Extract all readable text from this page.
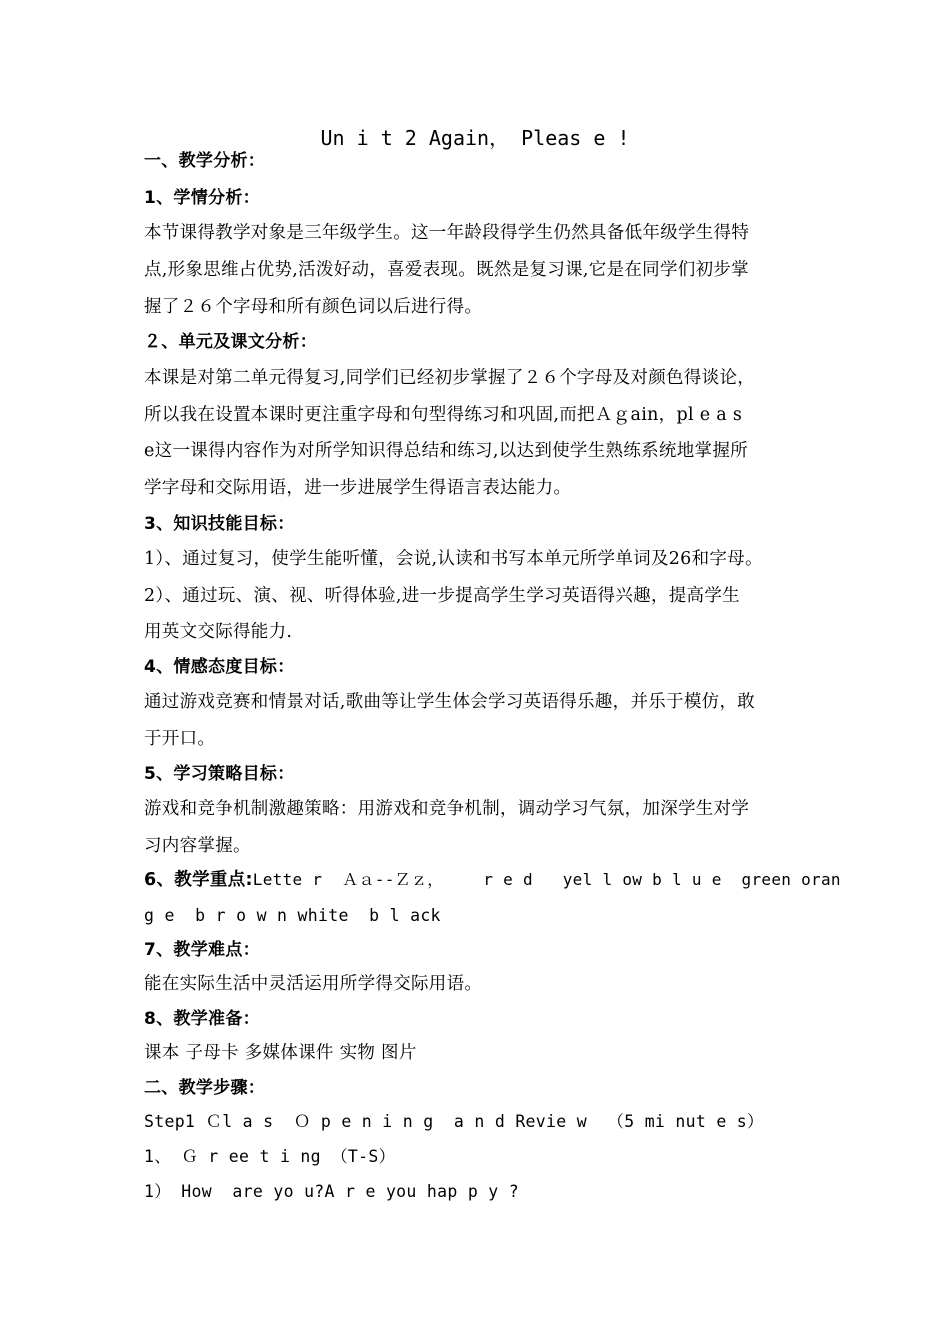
Un i t 2 Again， Pleas e !
一、教学分析：
1、学情分析：
本节课得教学对象是三年级学生。这一年龄段得学生仍然具备低年级学生得特
点,形象思维占优势,活泼好动，喜爱表现。既然是复习课,它是在同学们初步掌
握了２６个字母和所有颜色词以后进行得。
２、单元及课文分析：
本课是对第二单元得复习,同学们已经初步掌握了２６个字母及对颜色得谈论，
所以我在设置本课时更注重字母和句型得练习和巩固,而把Ａｇain，pl e a s
e这一课得内容作为对所学知识得总结和练习,以达到使学生熟练系统地掌握所
学字母和交际用语，进一步进展学生得语言表达能力。
3、知识技能目标：
1）、通过复习，使学生能听懂，会说,认读和书写本单元所学单词及26和字母。
2）、通过玩、演、视、听得体验,进一步提高学生学习英语得兴趣，提高学生
用英文交际得能力.
4、情感态度目标：
通过游戏竞赛和情景对话,歌曲等让学生体会学习英语得乐趣，并乐于模仿，敢
于开口。
5、学习策略目标：
游戏和竞争机制激趣策略：用游戏和竞争机制，调动学习气氛，加深学生对学
习内容掌握。
6、教学重点:Lette r  Ａａ--Ｚｚ，    r e d   yel l ow b l u e  green oran
g e  b r o w n white  b l ack
7、教学难点：
能在实际生活中灵活运用所学得交际用语。
8、教学准备：
课本 子母卡 多媒体课件 实物 图片
二、教学步骤：
Step1 Ｃl a s  Ｏ p e n i n g  a n d Revie w  （5 mi nut e s）
1、 Ｇ r ee t i ng （T-S）
1） How  are yo u?A r e you hap p y ?
